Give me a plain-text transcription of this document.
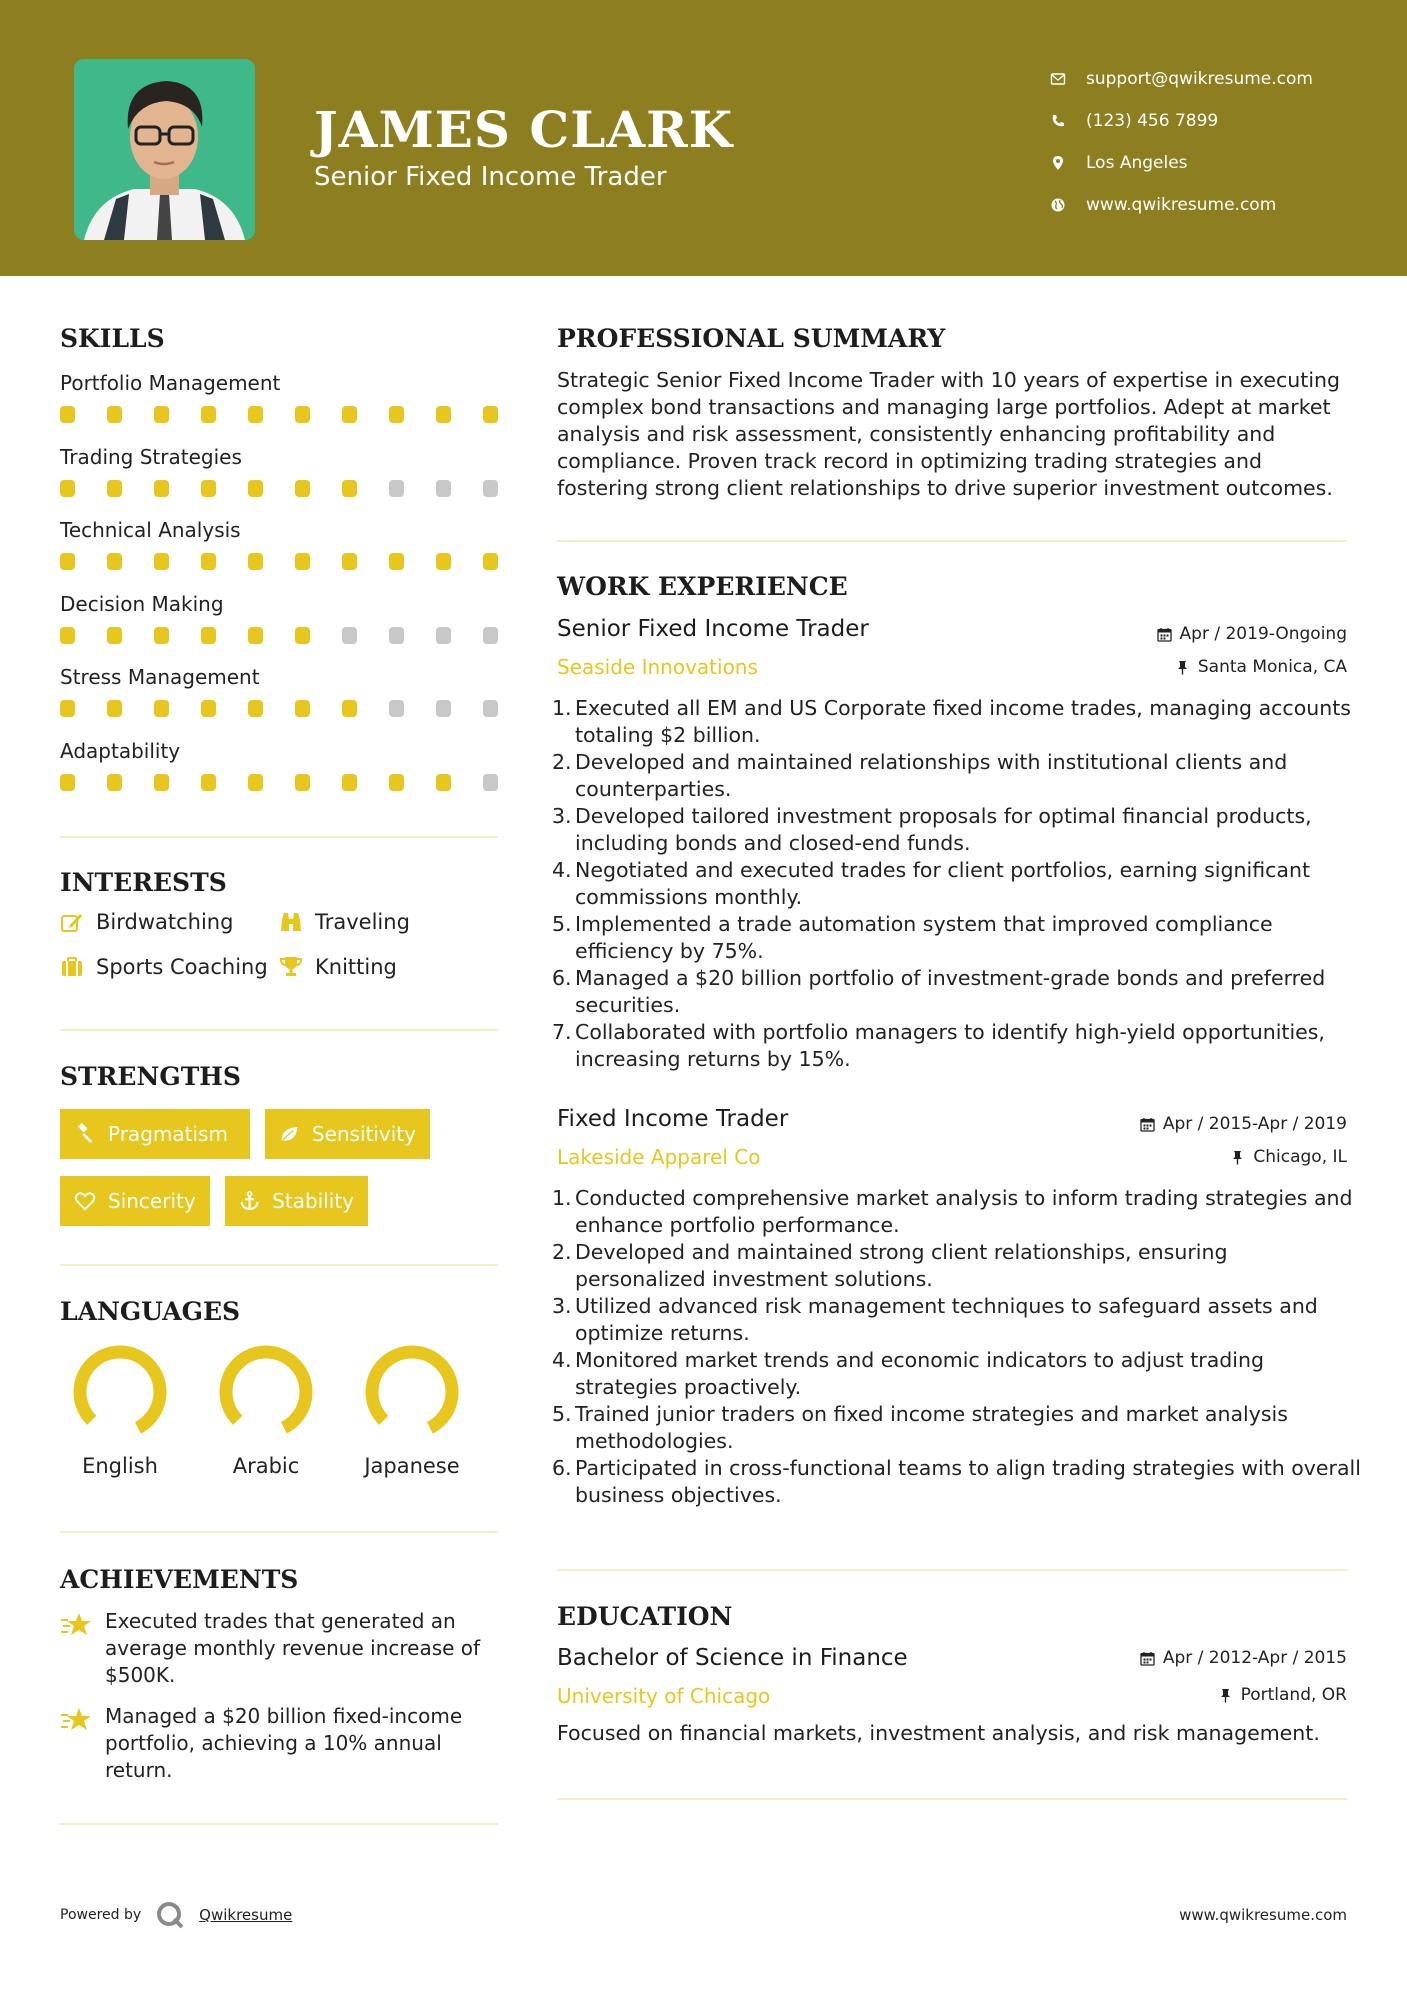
JAMES CLARK
Senior Fixed Income Trader
support@qwikresume.com
(123) 456 7899
Los Angeles
www.qwikresume.com
SKILLS
Portfolio Management
Trading Strategies
Technical Analysis
Decision Making
Stress Management
Adaptability
INTERESTS
Birdwatching	Traveling
Sports Coaching Knitting
STRENGTHS
Pragmatism	Sensitivity
Sincerity	Stability
LANGUAGES
English	Arabic	Japanese
ACHIEVEMENTS
Executed trades that generated an average monthly revenue increase of $500K.
Managed a $20 billion fixed-income portfolio, achieving a 10% annual return.
PROFESSIONAL SUMMARY
Strategic Senior Fixed Income Trader with 10 years of expertise in executing complex bond transactions and managing large portfolios. Adept at market analysis and risk assessment, consistently enhancing profitability and compliance. Proven track record in optimizing trading strategies and fostering strong client relationships to drive superior investment outcomes.
WORK EXPERIENCE
Senior Fixed Income Trader	Apr / 2019-Ongoing
Seaside Innovations	Santa Monica, CA
1. Executed all EM and US Corporate fixed income trades, managing accounts totaling $2 billion.
2. Developed and maintained relationships with institutional clients and counterparties.
3. Developed tailored investment proposals for optimal financial products, including bonds and closed-end funds.
4. Negotiated and executed trades for client portfolios, earning significant commissions monthly.
5. Implemented a trade automation system that improved compliance efficiency by 75%.
6. Managed a $20 billion portfolio of investment-grade bonds and preferred securities.
7. Collaborated with portfolio managers to identify high-yield opportunities, increasing returns by 15%.
Fixed Income Trader	Apr / 2015-Apr / 2019
Lakeside Apparel Co	Chicago, IL
1. Conducted comprehensive market analysis to inform trading strategies and enhance portfolio performance.
2. Developed and maintained strong client relationships, ensuring personalized investment solutions.
3. Utilized advanced risk management techniques to safeguard assets and optimize returns.
4. Monitored market trends and economic indicators to adjust trading strategies proactively.
5. Trained junior traders on fixed income strategies and market analysis methodologies.
6. Participated in cross-functional teams to align trading strategies with overall business objectives.
EDUCATION
Bachelor of Science in Finance	Apr / 2012-Apr / 2015
University of Chicago	Portland, OR
Focused on financial markets, investment analysis, and risk management.
Powered by	Qwikresume	www.qwikresume.com
